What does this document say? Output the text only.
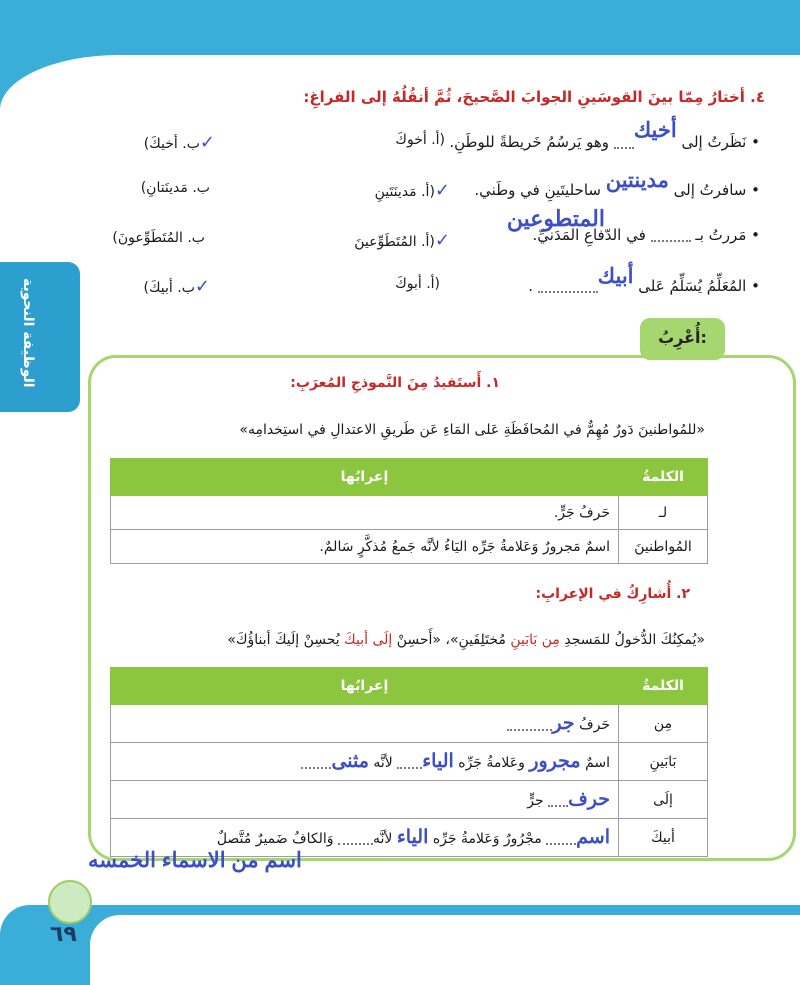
الوظيفة النحوية
٤. أختارُ مِمّا بينَ القوسَينِ الجوابَ الصَّحيحَ، ثُمَّ أنقُلُهُ إلى الفراغِ:
• نَظَرتُ إلى أخيك وهو يَرسُمُ خَريطةً للوطَنِ.
(أ. أخوكَ
✓ب. أخيكَ)
• سافرتُ إلى مدينتين ساحليتَينِ في وطَني.
✓(أ. مَدينَتَينِ
ب. مَدينَتانِ)
• مَررتُ بـ  في الدّفاعِ المَدَنيِّ.
المتطوعين
✓(أ. المُتَطَوِّعينَ
ب. المُتَطَوِّعونَ)
• المُعَلِّمُ يُسَلِّمُ عَلى أبيك .
(أ. أبوكَ
✓ب. أبيكَ)
أُعْرِبُ:
١. أَستَفيدُ مِنَ النَّموذجِ المُعرَبِ:
«للمُواطنينَ دَورٌ مُهِمٌّ في المُحافَظَةِ عَلى المَاءِ عَن طَريقِ الاعتدالِ في استِخدامِه»
الكلمةُ	إعرابُها
لـ	حَرفُ جَرٍّ.
المُواطنينَ	اسمٌ مَجرورٌ وَعَلامةُ جَرِّه اليَاءُ لأنَّه جَمعُ مُذكَّرٍ سَالمٌ.
٢. أُشارِكُ في الإعرابِ:
«يُمكِنُكَ الدُّخولُ للمَسجدِ مِن بَابَينِ مُختَلِفَينِ»، «أَحسِنْ إلَى أبيكَ يُحسِنْ إلَيكَ أبناؤُكَ»
الكلمةُ	إعرابُها
مِن	حَرفُ جر
بَابَينِ	اسمٌ مجرور وعَلامةُ جَرِّه الياء لأنَّه مثنى
إلَى	حرف جرٍّ
أبيكَ	اسم مجْرُورٌ وَعَلامةُ جَرِّه الياء لأنَّه وَالكافُ ضَميرٌ مُتَّصلٌ
اسم من الاسماء الخمسه
٦٩
